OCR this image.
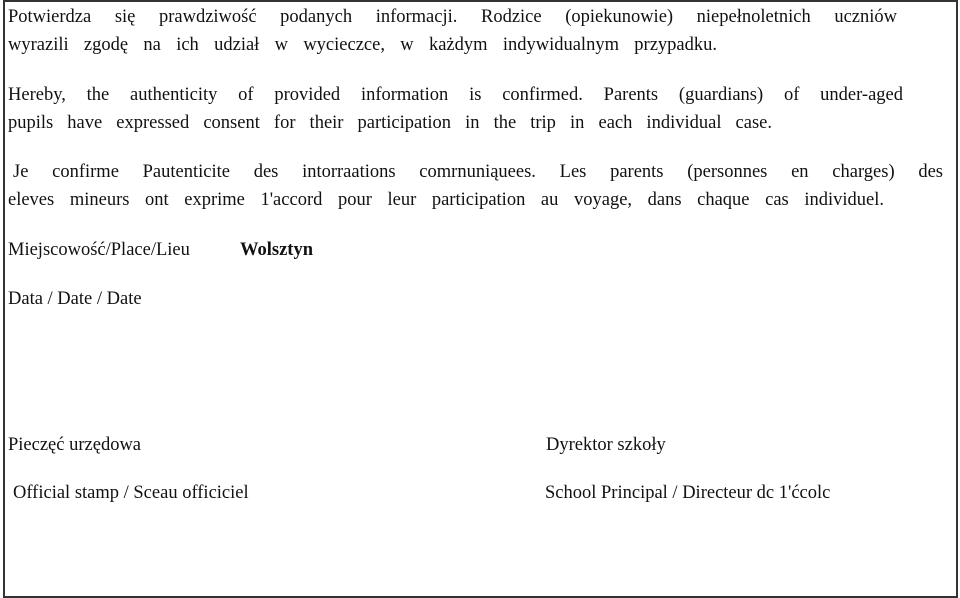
Potwierdza się prawdziwość podanych informacji. Rodzice (opiekunowie) niepełnoletnich uczniów
wyrazili zgodę na ich udział w wycieczce, w każdym indywidualnym przypadku.
Hereby, the authenticity of provided information is confirmed. Parents (guardians) of under-aged
pupils have expressed consent for their participation in the trip in each individual case.
Je confirme Pautenticite des intorraations comrnuniąuees. Les parents (personnes en charges) des
eleves mineurs ont exprime 1'accord pour leur participation au voyage, dans chaque cas individuel.
Miejscowość/Place/Lieu	Wolsztyn
Data / Date / Date
Pieczęć urzędowa
Official stamp / Sceau officiciel
Dyrektor szkoły
School Principal / Directeur dc 1'ćcolc
